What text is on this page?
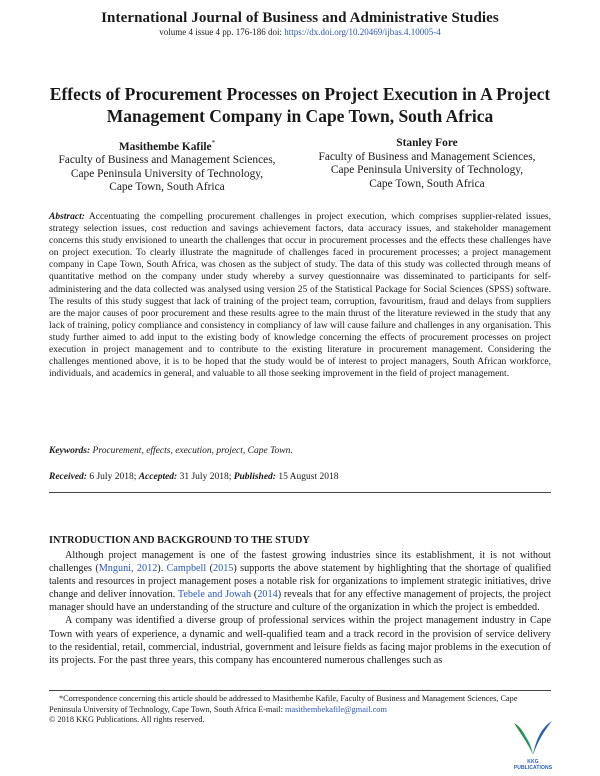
International Journal of Business and Administrative Studies
volume 4 issue 4 pp. 176-186 doi: https://dx.doi.org/10.20469/ijbas.4.10005-4
Effects of Procurement Processes on Project Execution in A Project
Management Company in Cape Town, South Africa
Masithembe Kafile*
Faculty of Business and Management Sciences,
Cape Peninsula University of Technology,
Cape Town, South Africa
Stanley Fore
Faculty of Business and Management Sciences,
Cape Peninsula University of Technology,
Cape Town, South Africa
Abstract: Accentuating the compelling procurement challenges in project execution, which comprises supplier-related issues, strategy selection issues, cost reduction and savings achievement factors, data accuracy issues, and stakeholder management concerns this study envisioned to unearth the challenges that occur in procurement processes and the effects these challenges have on project execution. To clearly illustrate the magnitude of challenges faced in procurement processes; a project management company in Cape Town, South Africa, was chosen as the subject of study. The data of this study was collected through means of quantitative method on the company under study whereby a survey questionnaire was disseminated to participants for self-administering and the data collected was analysed using version 25 of the Statistical Package for Social Sciences (SPSS) software. The results of this study suggest that lack of training of the project team, corruption, favouritism, fraud and delays from suppliers are the major causes of poor procurement and these results agree to the main thrust of the literature reviewed in the study that any lack of training, policy compliance and consistency in compliancy of law will cause failure and challenges in any organisation. This study further aimed to add input to the existing body of knowledge concerning the effects of procurement processes on project execution in project management and to contribute to the existing literature in procurement management. Considering the challenges mentioned above, it is to be hoped that the study would be of interest to project managers, South African workforce, individuals, and academics in general, and valuable to all those seeking improvement in the field of project management.
Keywords: Procurement, effects, execution, project, Cape Town.
Received: 6 July 2018; Accepted: 31 July 2018; Published: 15 August 2018
INTRODUCTION AND BACKGROUND TO THE STUDY

Although project management is one of the fastest growing industries since its establishment, it is not without challenges (Mnguni, 2012). Campbell (2015) supports the above statement by highlighting that the shortage of qualified talents and resources in project management poses a notable risk for organizations to implement strategic initiatives, drive change and deliver innovation. Tebele and Jowah (2014) reveals that for any effective management of projects, the project manager should have an understanding of the structure and culture of the organization in which the project is embedded.

A company was identified a diverse group of professional services within the project management industry in Cape Town with years of experience, a dynamic and well-qualified team and a track record in the provision of service delivery to the residential, retail, commercial, industrial, government and leisure fields as facing major problems in the execution of its projects. For the past three years, this company has encountered numerous challenges such as

*Correspondence concerning this article should be addressed to Masithembe Kafile, Faculty of Business and Management Sciences, Cape Peninsula University of Technology, Cape Town, South Africa E-mail: masithembekafile@gmail.com
© 2018 KKG Publications. All rights reserved.
KKG PUBLICATIONS
